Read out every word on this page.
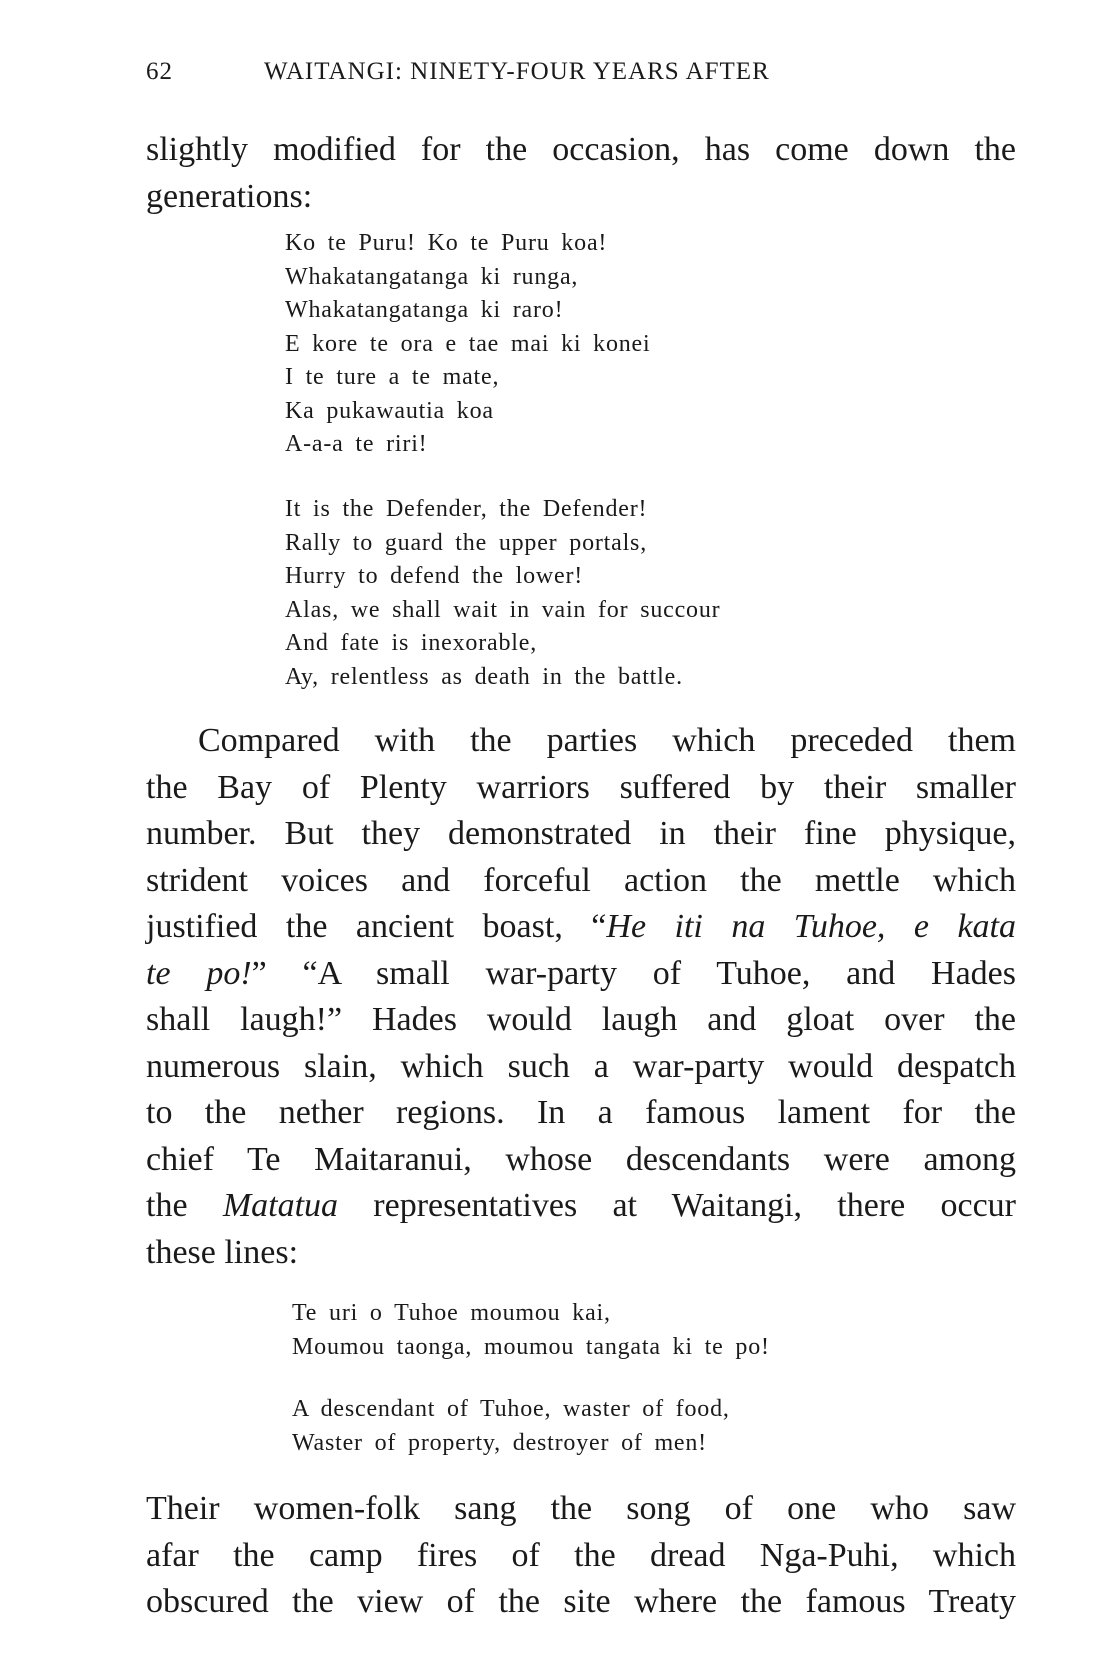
62	WAITANGI: NINETY-FOUR YEARS AFTER
slightly modified for the occasion, has come down the
generations:
Ko te Puru! Ko te Puru koa!
Whakatangatanga ki runga,
Whakatangatanga ki raro!
E kore te ora e tae mai ki konei
I te ture a te mate,
Ka pukawautia koa
A-a-a te riri!
It is the Defender, the Defender!
Rally to guard the upper portals,
Hurry to defend the lower!
Alas, we shall wait in vain for succour
And fate is inexorable,
Ay, relentless as death in the battle.
Compared with the parties which preceded them
the Bay of Plenty warriors suffered by their smaller
number. But they demonstrated in their fine physique,
strident voices and forceful action the mettle which
justified the ancient boast, “He iti na Tuhoe, e kata
te po!” “A small war-party of Tuhoe, and Hades
shall laugh!” Hades would laugh and gloat over the
numerous slain, which such a war-party would despatch
to the nether regions. In a famous lament for the
chief Te Maitaranui, whose descendants were among
the Matatua representatives at Waitangi, there occur
these lines:
Te uri o Tuhoe moumou kai,
Moumou taonga, moumou tangata ki te po!
A descendant of Tuhoe, waster of food,
Waster of property, destroyer of men!
Their women-folk sang the song of one who saw
afar the camp fires of the dread Nga-Puhi, which
obscured the view of the site where the famous Treaty
